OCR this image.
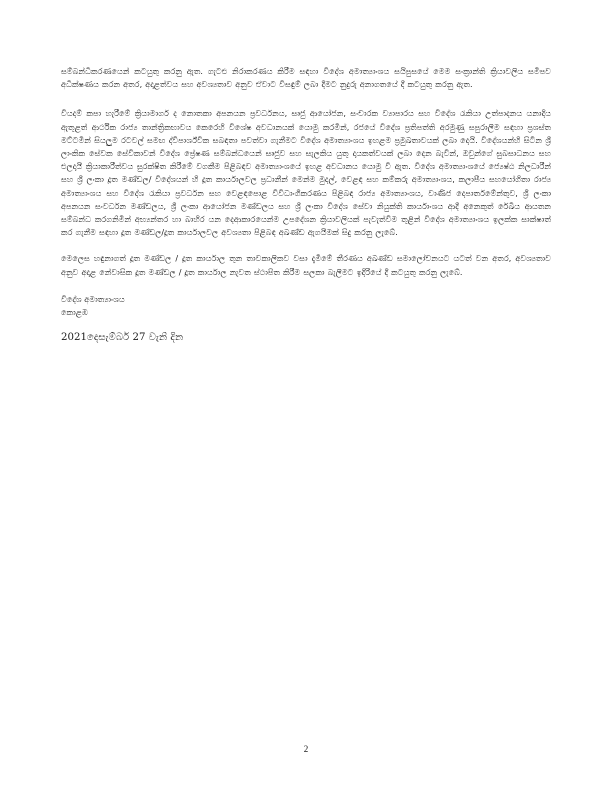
සම්බන්ධීකරණයෙන් කටයුතු කරනු ඇත. ගැටළු නිරාකරණය කිරීම සඳහා විදේශ අමාත්‍යාංශය සයිපුසයේ මෙම සංක්‍රාන්ති ක්‍රියාවලිය සමීපව අධීක්ෂණය කරන අතර, අදාළත්වය සහ අවශ්‍යතාව අනුව ඒවාට විසඳුම් ලබා දීමට නුදුරු අනාගතයේ දී කටයුතු කරනු ඇත.

වියදම් කපා හැරීමේ ක්‍රියාමාර්ග ද නොතකා අපනයන ප්‍රවර්ධනය, සෘජු ආයෝජන, සංචාරක ව්‍යාපාරය සහ විදේශ රැකියා උත්පාදනය යනාදිය ඇතුළත් ආර්ථික රාජ්‍ය තාන්ත්‍රිකභාවය කෙරෙහි විශේෂ අවධානයක් යොමු කරමින්, රජයේ විදේශ ප්‍රතිපත්ති අරමුණු සපුරාලීම සඳහා ප්‍රශස්ත මට්ටමින් සියලුම රටවල් සමඟ ද්විපාර්ශ්වික සබඳතා පවත්වා ගැනීමට විදේශ අමාත්‍යාංශය ඉහළම ප්‍රමුඛතාවයක් ලබා දෙයි. විදේශයන්හි සිටින ශ්‍රී ලාංකික සේවක සේවිකාවන් විදේශ ප්‍රේෂණ සම්බන්ධයෙන් සෘජුව සහ සැලකිය යුතු දායකත්වයක් ලබා දෙන බැවින්, ඔවුන්ගේ සුබසාධනය සහ එලදායී ක්‍රියාකාරීත්වය සුරක්ෂිත කිරීමේ වගකීම පිළිබඳව අමාත්‍යාංශයේ ඉහළ අවධානය යොමු වී ඇත. විදේශ අමාත්‍යාංශයේ ජ්‍යෙෂ්ඨ නිලධාරීන් සහ ශ්‍රී ලංකා දූත මණ්ඩල/ විදේශයන් හි දූත කාර්යාලවල ප්‍රධානීන් මෙන්ම මුදල්, වෙළඳ සහ කම්කරු අමාත්‍යාංශය, කලාපීය සහයෝගිතා රාජ්‍ය අමාත්‍යාංශය සහ විදේශ රැකියා ප්‍රවර්ධන සහ වෙළඳපොළ විවිධාංගීකරණය පිළිබඳ රාජ්‍ය අමාත්‍යාංශය, වාණිජ දෙපාර්තමේන්තුව, ශ්‍රී ලංකා අපනයන සංවර්ධන මණ්ඩලය, ශ්‍රී ලංකා ආයෝජන මණ්ඩලය සහ ශ්‍රී ලංකා විදේශ සේවා නියුක්ති කාර්යාංශය ආදී අනෙකුත් රේඛීය ආයතන සම්බන්ධ කරගනිමින් අභ්‍යන්තර හා බාහිර යන දෙආකාරයෙන්ම උපදේශන ක්‍රියාවලියක් පැවැත්වීම තුළින් විදේශ අමාත්‍යාංශය ඉලක්ක සාක්ෂාත් කර ගැනීම සඳහා දූත මණ්ඩල/දූත කාර්යාලවල අවශ්‍යතා පිළිබඳ අඛණ්ඩ ඇගයීමක් සිදු කරනු ලැබේ.

මෙලෙස හඳුනාගත් දූත මණ්ඩල / දූත කාර්යාල තුන තාවකාලිකව වසා දැමීමේ තීරණය අඛණ්ඩ සමාලෝචනයට යටත් වන අතර, අවශ්‍යතාව අනුව අදාළ නේවාසික දූත මණ්ඩල / දූත කාර්යාල නැවත ස්ථාපිත කිරීම සලකා බැලීමට ඉදිරියේ දී කටයුතු කරනු ලැබේ.

විදේශ අමාත්‍යාංශය
කොළඹ
2021දෙසැම්බර් 27 වැනි දින
2
